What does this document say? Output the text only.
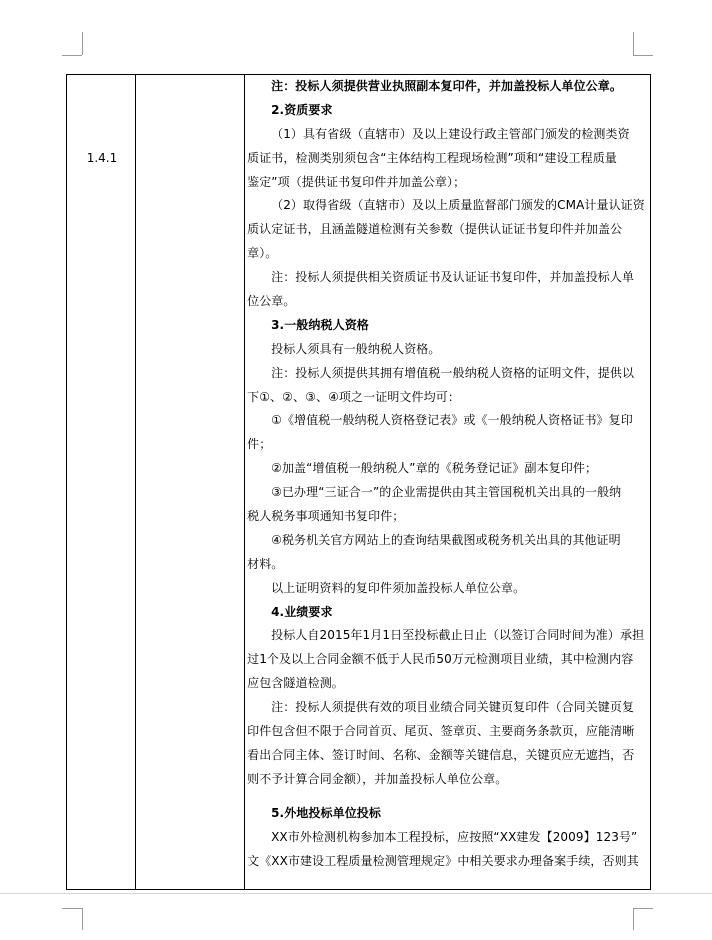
1.4.1

注：投标人须提供营业执照副本复印件，并加盖投标人单位公章。
2.资质要求
（1）具有省级（直辖市）及以上建设行政主管部门颁发的检测类资
质证书，检测类别须包含“主体结构工程现场检测”项和“建设工程质量
鉴定”项（提供证书复印件并加盖公章）；
（2）取得省级（直辖市）及以上质量监督部门颁发的CMA计量认证资
质认定证书，且涵盖隧道检测有关参数（提供认证证书复印件并加盖公
章）。
注：投标人须提供相关资质证书及认证证书复印件，并加盖投标人单
位公章。
3.一般纳税人资格
投标人须具有一般纳税人资格。
注：投标人须提供其拥有增值税一般纳税人资格的证明文件，提供以
下①、②、③、④项之一证明文件均可：
①《增值税一般纳税人资格登记表》或《一般纳税人资格证书》复印
件；
②加盖“增值税一般纳税人”章的《税务登记证》副本复印件；
③已办理“三证合一”的企业需提供由其主管国税机关出具的一般纳
税人税务事项通知书复印件；
④税务机关官方网站上的查询结果截图或税务机关出具的其他证明
材料。
以上证明资料的复印件须加盖投标人单位公章。
4.业绩要求
投标人自2015年1月1日至投标截止日止（以签订合同时间为准）承担
过1个及以上合同金额不低于人民币50万元检测项目业绩，其中检测内容
应包含隧道检测。
注：投标人须提供有效的项目业绩合同关键页复印件（合同关键页复
印件包含但不限于合同首页、尾页、签章页、主要商务条款页，应能清晰
看出合同主体、签订时间、名称、金额等关键信息，关键页应无遮挡，否
则不予计算合同金额），并加盖投标人单位公章。
5.外地投标单位投标
XX市外检测机构参加本工程投标，应按照“XX建发【2009】123号”
文《XX市建设工程质量检测管理规定》中相关要求办理备案手续，否则其
